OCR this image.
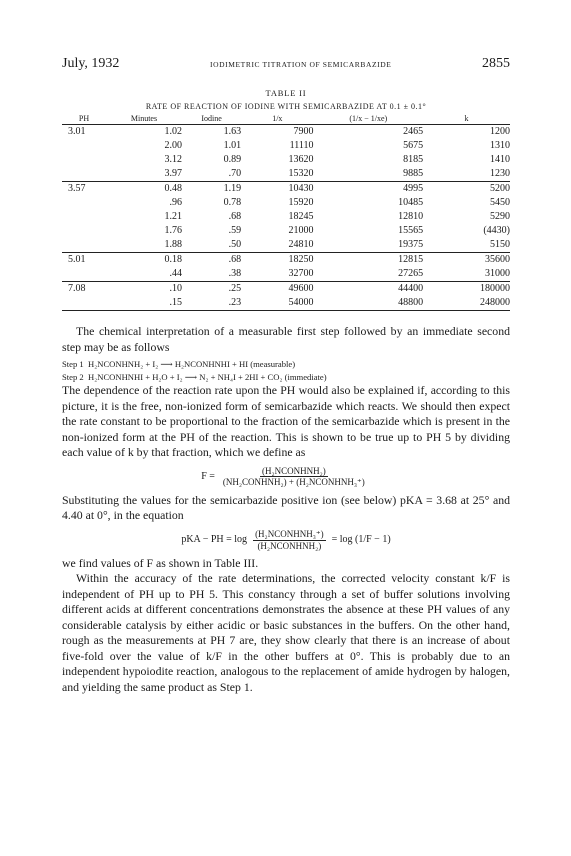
July, 1932	IODIMETRIC TITRATION OF SEMICARBAZIDE	2855
TABLE II
RATE OF REACTION OF IODINE WITH SEMICARBAZIDE AT 0.1 ± 0.1°
PH	Minutes	Iodine	1/x	(1/x − 1/xe)	k
3.01	1.02	1.63	7900	2465	1200
	2.00	1.01	11110	5675	1310
	3.12	0.89	13620	8185	1410
	3.97	.70	15320	9885	1230
3.57	0.48	1.19	10430	4995	5200
	.96	0.78	15920	10485	5450
	1.21	.68	18245	12810	5290
	1.76	.59	21000	15565	(4430)
	1.88	.50	24810	19375	5150
5.01	0.18	.68	18250	12815	35600
	.44	.38	32700	27265	31000
7.08	.10	.25	49600	44400	180000
	.15	.23	54000	48800	248000

The chemical interpretation of a measurable first step followed by an immediate second step may be as follows

Step 1 H₂NCONHNH₂ + I₂ ⟶ H₂NCONHNHI + HI (measurable)
Step 2 H₂NCONHNHI + H₂O + I₂ ⟶ N₂ + NH₄I + 2HI + CO₂ (immediate)

The dependence of the reaction rate upon the PH would also be explained if, according to this picture, it is the free, non-ionized form of semicarbazide which reacts. We should then expect the rate constant to be proportional to the fraction of the semicarbazide which is present in the non-ionized form at the PH of the reaction. This is shown to be true up to PH 5 by dividing each value of k by that fraction, which we define as

$F = \frac{\text{(H₂NCONHNH₂)}}{\text{(NH₂CONHNH₂) + (H₂NCONHNH₃⁺)}}$

Substituting the values for the semicarbazide positive ion (see below) pKA = 3.68 at 25° and 4.40 at 0°, in the equation

pKA − PH = $\log \frac{\text{(H₂NCONHNH₃⁺)}}{\text{(H₂NCONHNH₂)}} = \log (1/F - 1)$

we find values of F as shown in Table III.

Within the accuracy of the rate determinations, the corrected velocity constant k/F is independent of PH up to PH 5. This constancy through a set of buffer solutions involving different acids at different concentrations demonstrates the absence at these PH values of any considerable catalysis by either acidic or basic substances in the buffers. On the other hand, rough as the measurements at PH 7 are, they show clearly that there is an increase of about five-fold over the value of k/F in the other buffers at 0°. This is probably due to an independent hypoiodite reaction, analogous to the replacement of amide hydrogen by halogen, and yielding the same product as Step 1.
